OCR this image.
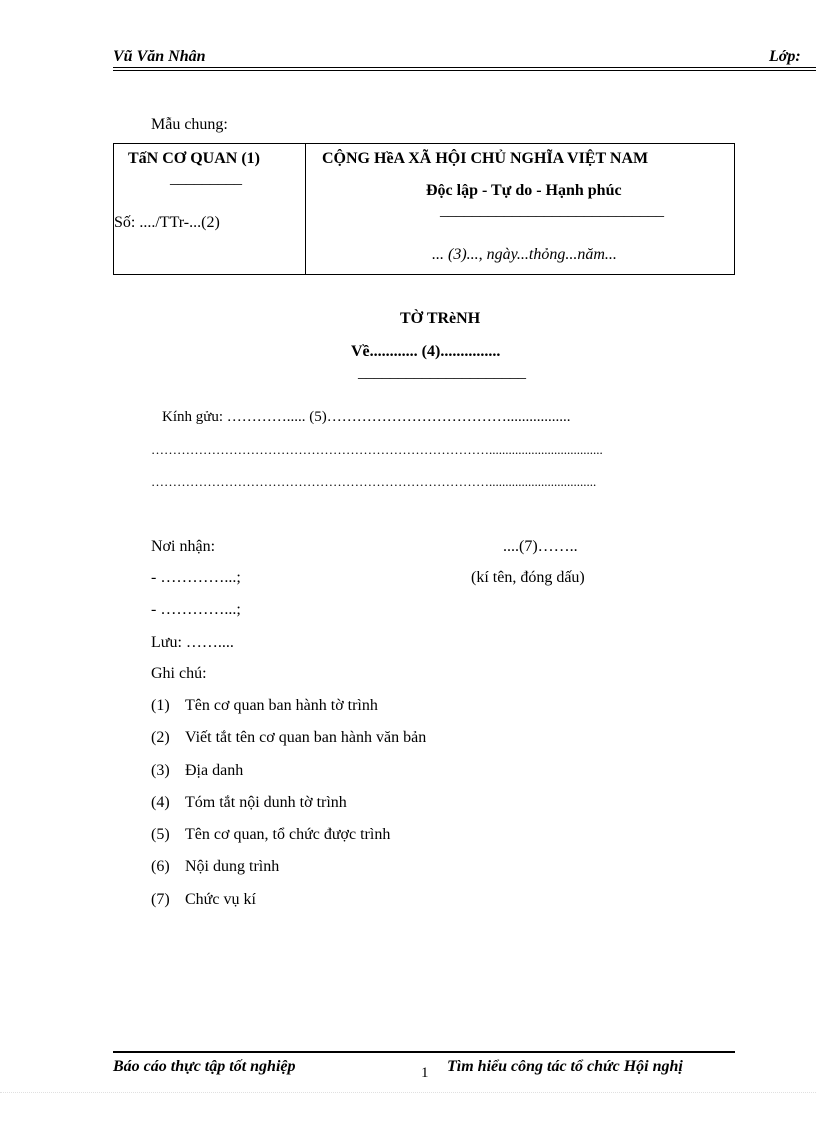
Vũ Văn Nhân	Lớp:
Mẫu chung:
TấN CƠ QUAN (1)
_________
Số: ..../TTr-...(2)

CỘNG HềA XÃ HỘI CHỦ NGHĨA VIỆT NAM
Độc lập - Tự do - Hạnh phúc
____________________________
... (3)..., ngày...thỏng...năm...
TỜ TRèNH
Về............ (4)...............
_____________________
Kính gửu: …………..... (5)……………………………….................
……………………………………………………………………...................................
…………………………………………………………………….................................
Nơi nhận:	....(7)……..
- …………...;	(kí tên, đóng dấu)
- …………...;
Lưu: ……....
Ghi chú:
(1) Tên cơ quan ban hành tờ trình
(2) Viết tắt tên cơ quan ban hành văn bản
(3) Địa danh
(4) Tóm tắt nội dunh tờ trình
(5) Tên cơ quan, tổ chức được trình
(6) Nội dung trình
(7) Chức vụ kí
Báo cáo thực tập tốt nghiệp	1 Tìm hiểu công tác tổ chức Hội nghị
